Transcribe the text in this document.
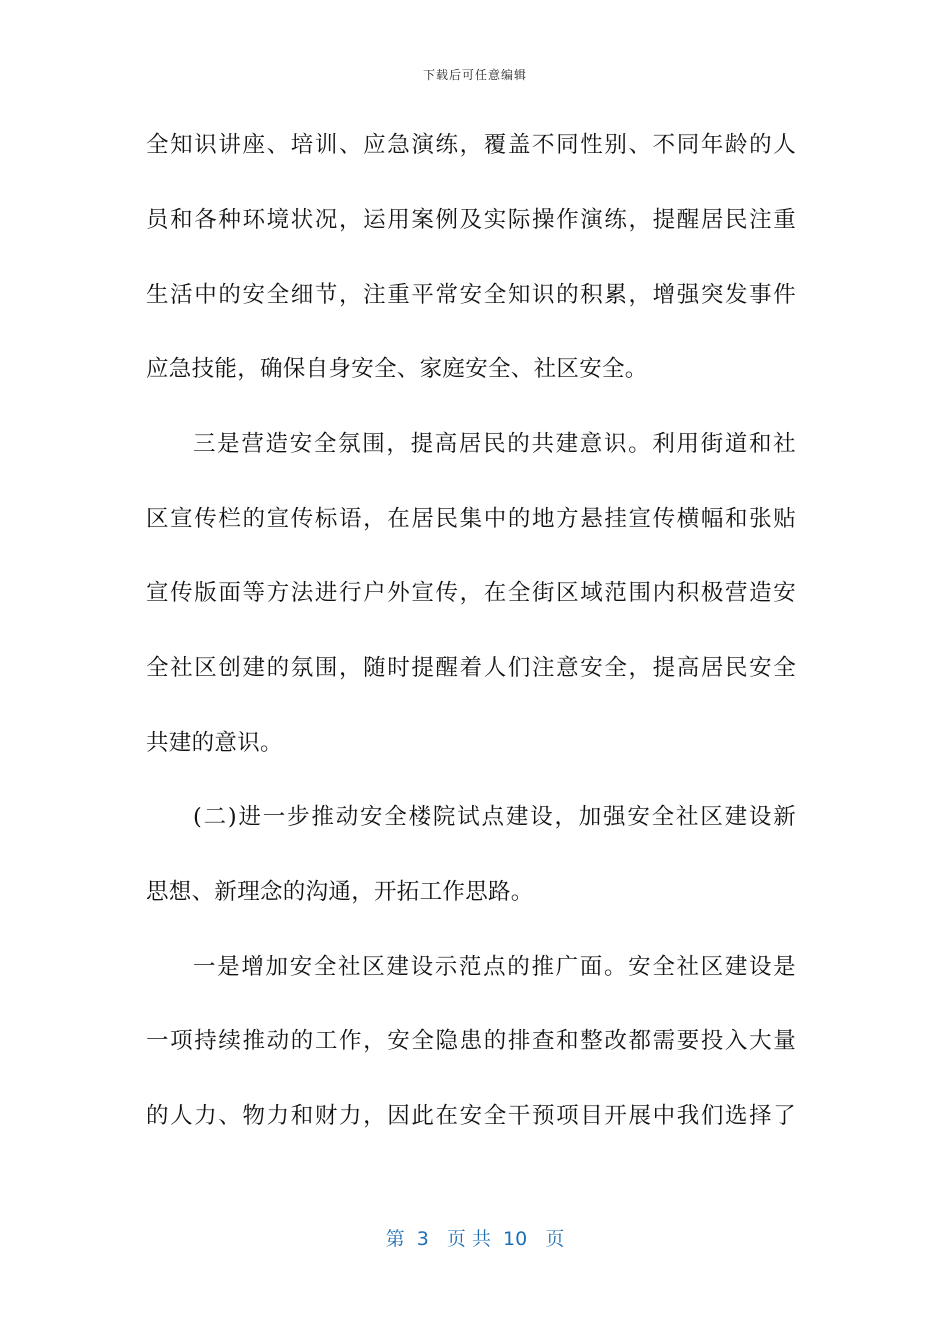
下载后可任意编辑
全知识讲座、培训、应急演练，覆盖不同性别、不同年龄的人
员和各种环境状况，运用案例及实际操作演练，提醒居民注重
生活中的安全细节，注重平常安全知识的积累，增强突发事件
应急技能，确保自身安全、家庭安全、社区安全。
三是营造安全氛围，提高居民的共建意识。利用街道和社
区宣传栏的宣传标语，在居民集中的地方悬挂宣传横幅和张贴
宣传版面等方法进行户外宣传，在全街区域范围内积极营造安
全社区创建的氛围，随时提醒着人们注意安全，提高居民安全
共建的意识。
(二)进一步推动安全楼院试点建设，加强安全社区建设新
思想、新理念的沟通，开拓工作思路。
一是增加安全社区建设示范点的推广面。安全社区建设是
一项持续推动的工作，安全隐患的排查和整改都需要投入大量
的人力、物力和财力，因此在安全干预项目开展中我们选择了
第  3   页 共  10   页
